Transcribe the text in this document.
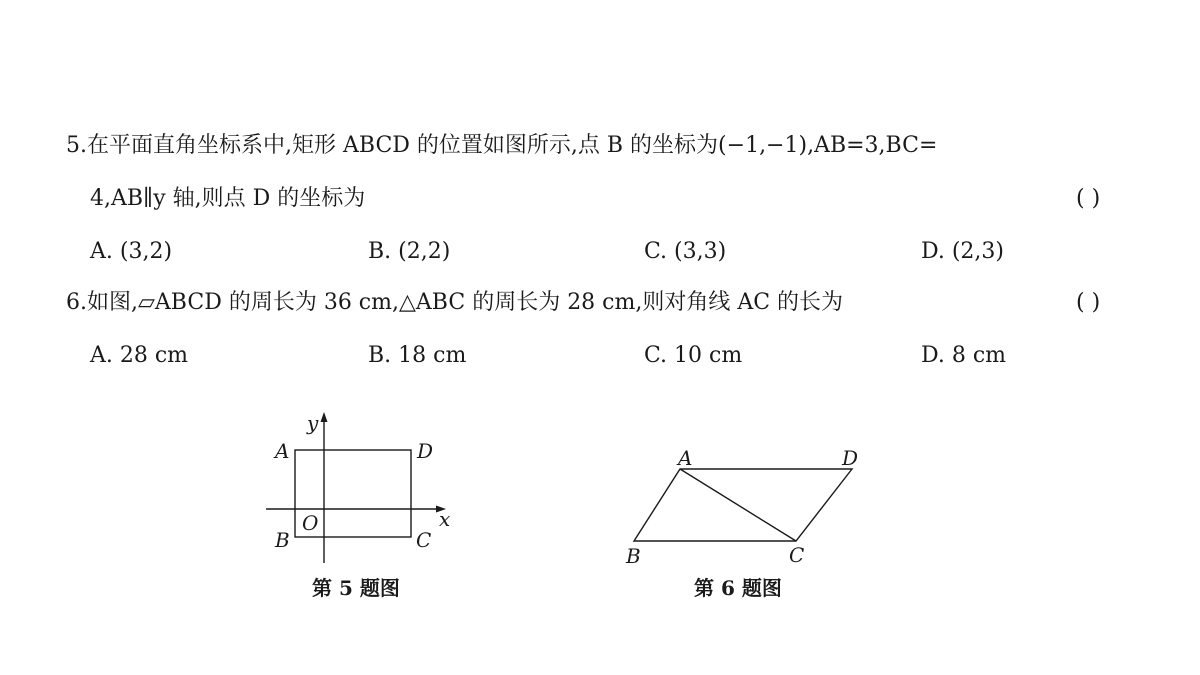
5.在平面直角坐标系中,矩形 ABCD 的位置如图所示,点 B 的坐标为(−1,−1),AB=3,BC=
4,AB∥y 轴,则点 D 的坐标为	( )
A. (3,2)	B. (2,2)	C. (3,3)	D. (2,3)
6.如图,▱ABCD 的周长为 36 cm,△ABC 的周长为 28 cm,则对角线 AC 的长为	( )
A. 28 cm	B. 18 cm	C. 10 cm	D. 8 cm
y
x
O
A
B	C
D	A	D
B	C
第 5 题图	第 6 题图
